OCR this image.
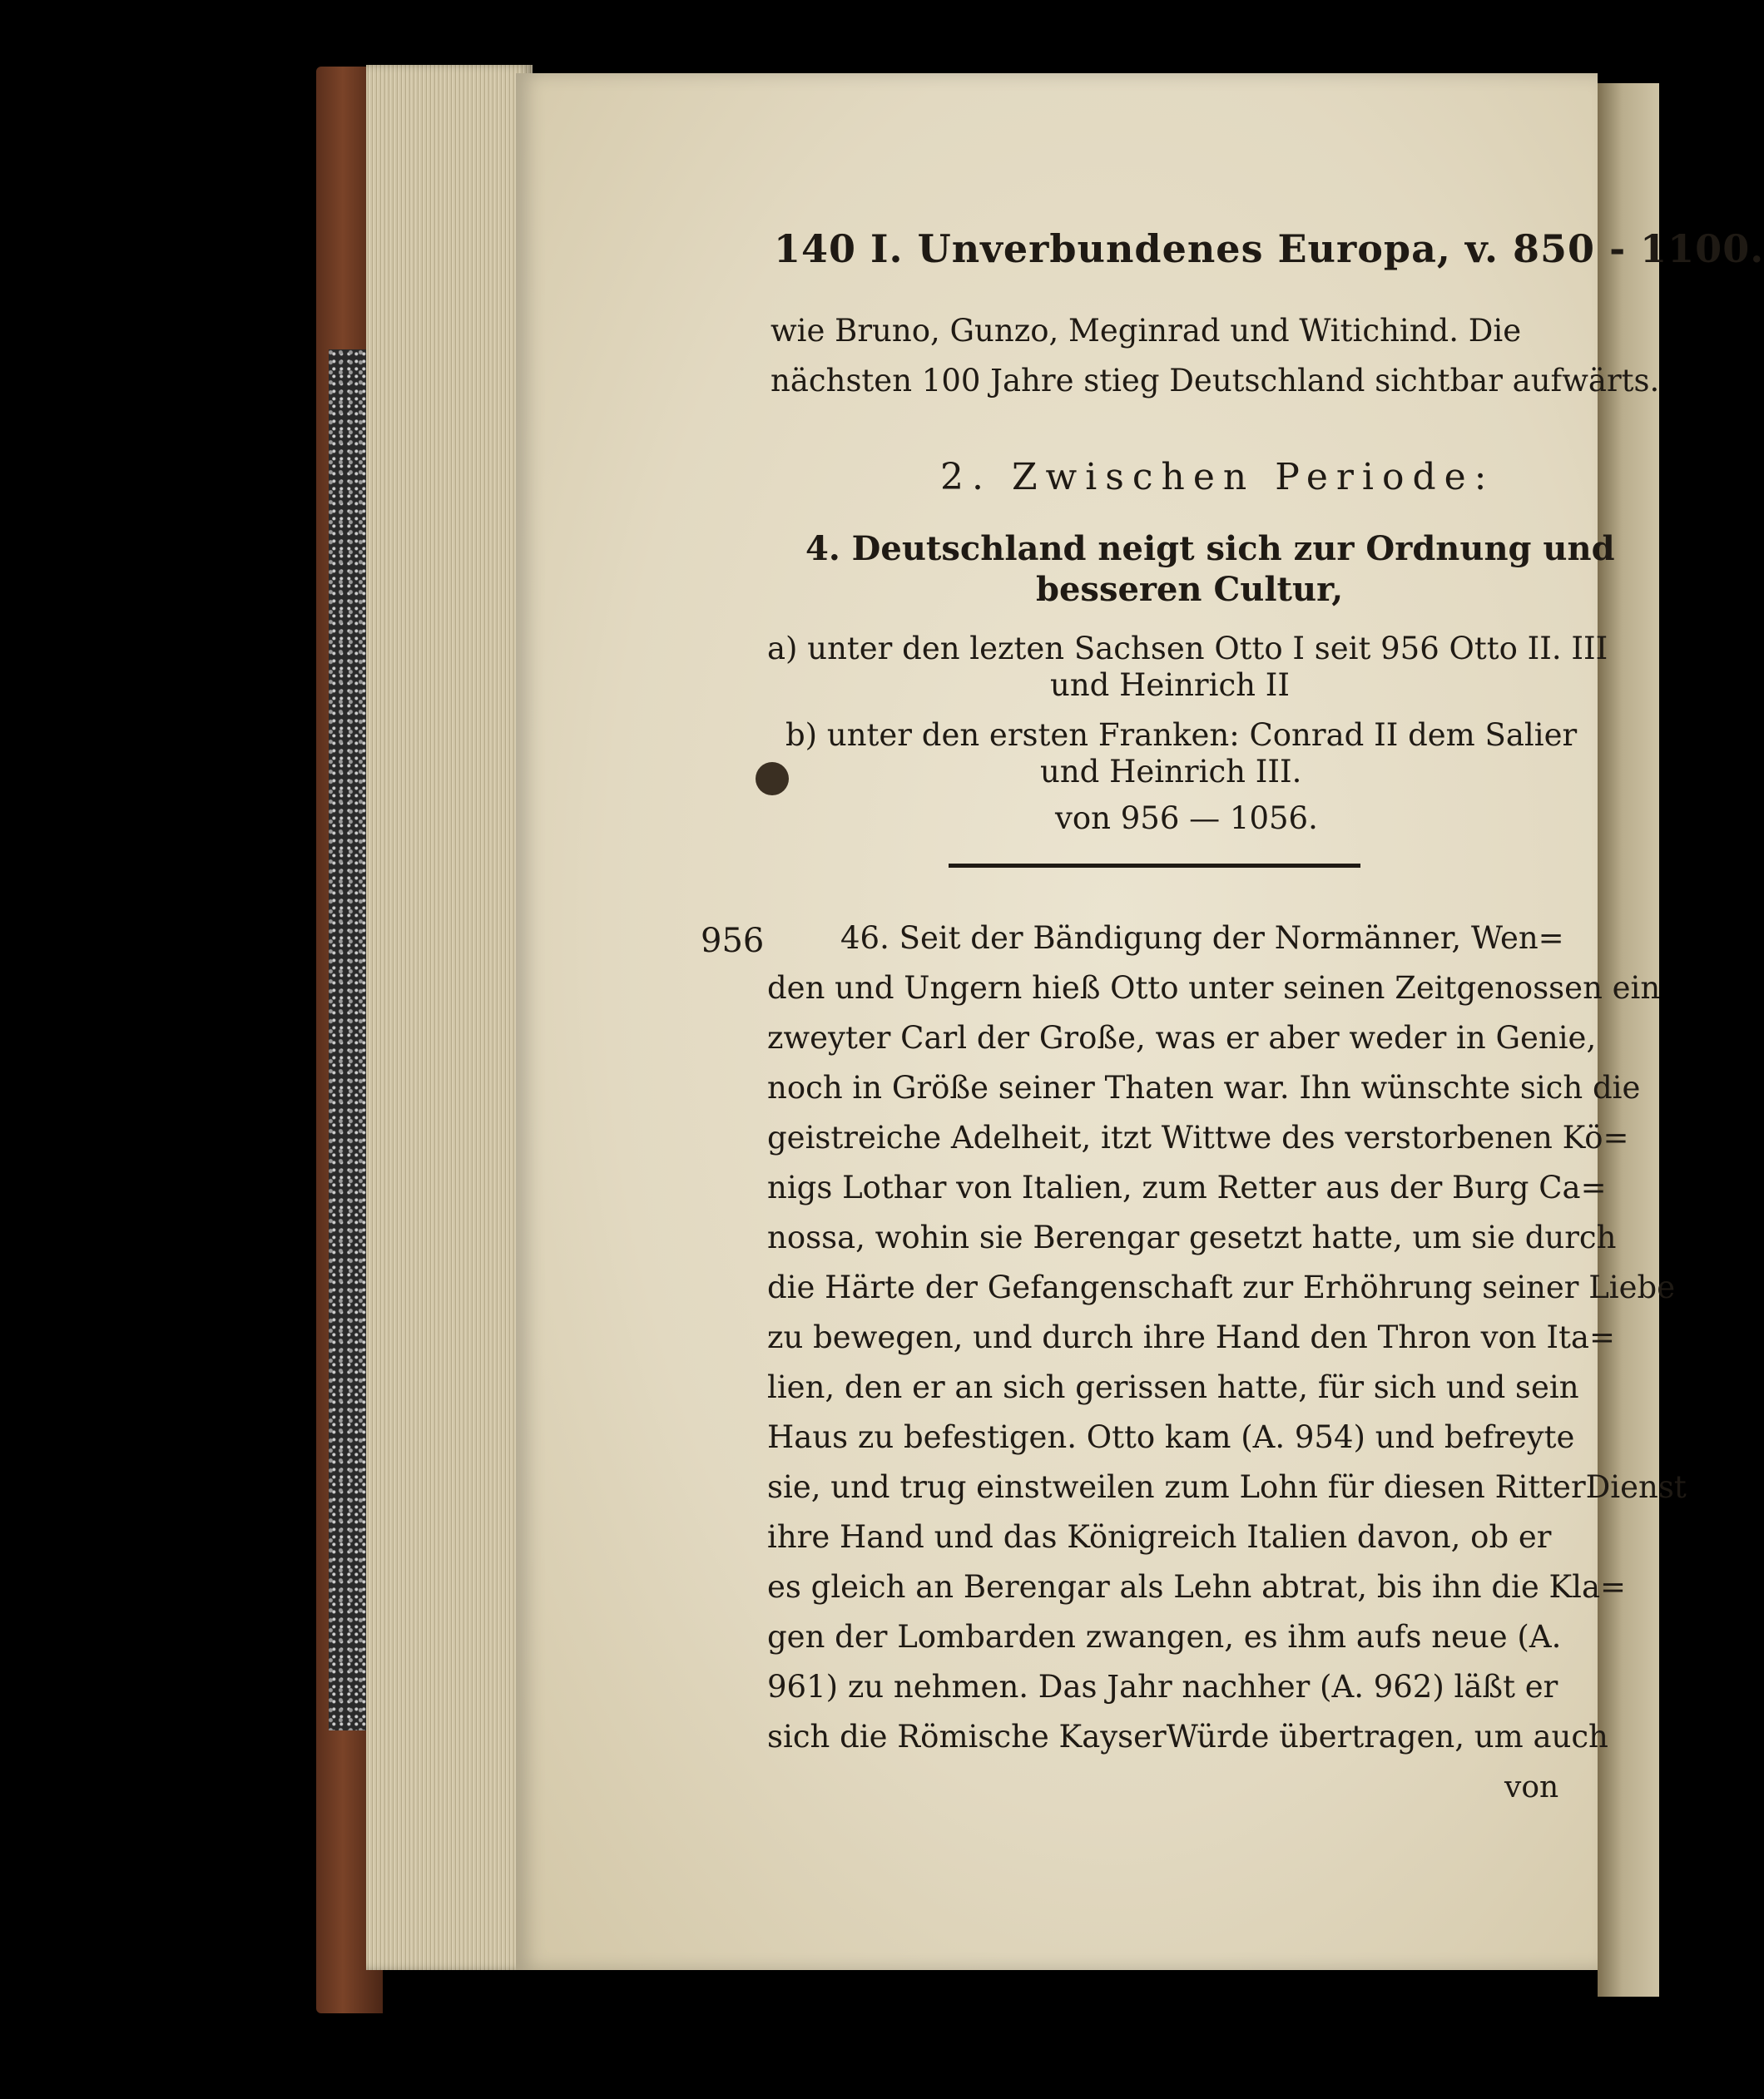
140 I. Unverbundenes Europa, v. 850 - 1100.
wie Bruno, Gunzo, Meginrad und Witichind. Die
nächsten 100 Jahre stieg Deutschland sichtbar aufwärts.
2. Zwischen Periode:
4. Deutschland neigt sich zur Ordnung und
besseren Cultur,
a) unter den lezten Sachsen Otto I seit 956 Otto II. III
und Heinrich II
b) unter den ersten Franken: Conrad II dem Salier
und Heinrich III.
von 956 — 1056.
956 46. Seit der Bändigung der Normänner, Wen=
den und Ungern hieß Otto unter seinen Zeitgenossen ein
zweyter Carl der Große, was er aber weder in Genie,
noch in Größe seiner Thaten war. Ihn wünschte sich die
geistreiche Adelheit, itzt Wittwe des verstorbenen Kö=
nigs Lothar von Italien, zum Retter aus der Burg Ca=
nossa, wohin sie Berengar gesetzt hatte, um sie durch
die Härte der Gefangenschaft zur Erhöhrung seiner Liebe
zu bewegen, und durch ihre Hand den Thron von Ita=
lien, den er an sich gerissen hatte, für sich und sein
Haus zu befestigen. Otto kam (A. 954) und befreyte
sie, und trug einstweilen zum Lohn für diesen RitterDienst
ihre Hand und das Königreich Italien davon, ob er
es gleich an Berengar als Lehn abtrat, bis ihn die Kla=
gen der Lombarden zwangen, es ihm aufs neue (A.
961) zu nehmen. Das Jahr nachher (A. 962) läßt er
sich die Römische KayserWürde übertragen, um auch
von
